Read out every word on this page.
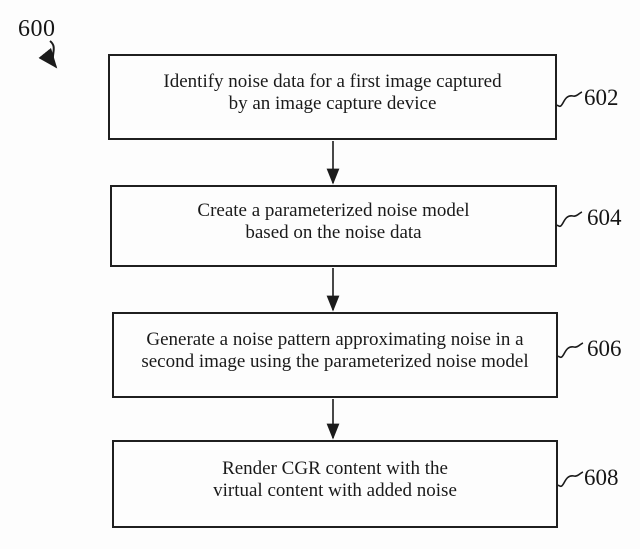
600
Identify noise data for a first image captured
by an image capture device
Create a parameterized noise model
based on the noise data
Generate a noise pattern approximating noise in a
second image using the parameterized noise model
Render CGR content with the
virtual content with added noise
602
604
606
608
